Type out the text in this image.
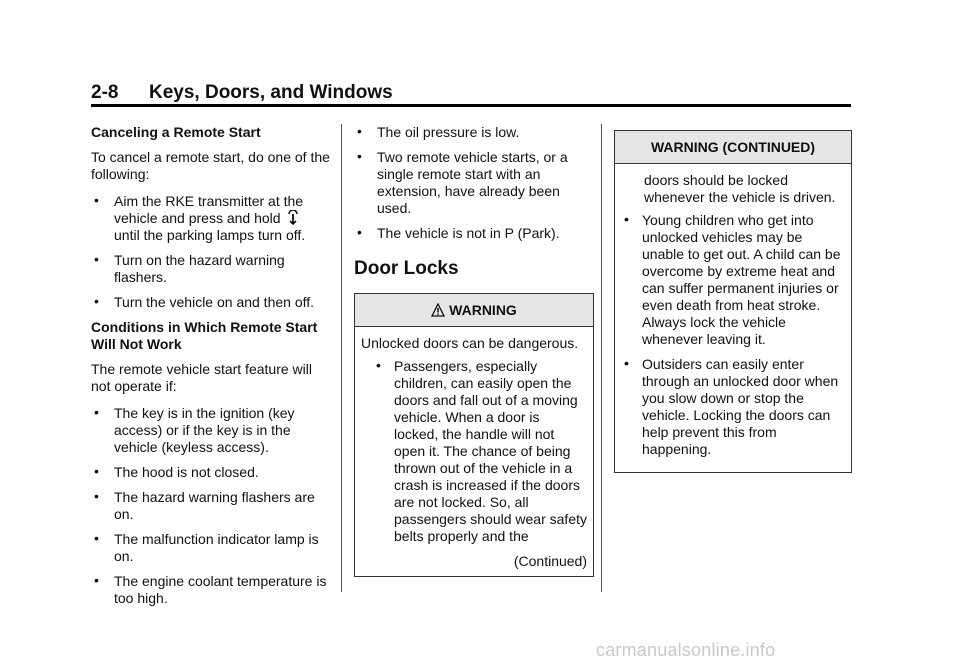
2-8 Keys, Doors, and Windows
Canceling a Remote Start
To cancel a remote start, do one of the following:
• Aim the RKE transmitter at the vehicle and press and hold
until the parking lamps turn off.
• Turn on the hazard warning flashers.
• Turn the vehicle on and then off.
Conditions in Which Remote Start Will Not Work
The remote vehicle start feature will not operate if:
• The key is in the ignition (key access) or if the key is in the vehicle (keyless access).
• The hood is not closed.
• The hazard warning flashers are on.
• The malfunction indicator lamp is on.
• The engine coolant temperature is too high.
• The oil pressure is low.
• Two remote vehicle starts, or a single remote start with an extension, have already been used.
• The vehicle is not in P (Park).
Door Locks
WARNING
Unlocked doors can be dangerous.
• Passengers, especially children, can easily open the doors and fall out of a moving vehicle. When a door is locked, the handle will not open it. The chance of being thrown out of the vehicle in a crash is increased if the doors are not locked. So, all passengers should wear safety belts properly and the
(Continued)
WARNING (CONTINUED)
doors should be locked whenever the vehicle is driven.
• Young children who get into unlocked vehicles may be unable to get out. A child can be overcome by extreme heat and can suffer permanent injuries or even death from heat stroke. Always lock the vehicle whenever leaving it.
• Outsiders can easily enter through an unlocked door when you slow down or stop the vehicle. Locking the doors can help prevent this from happening.
carmanualsonline.info
